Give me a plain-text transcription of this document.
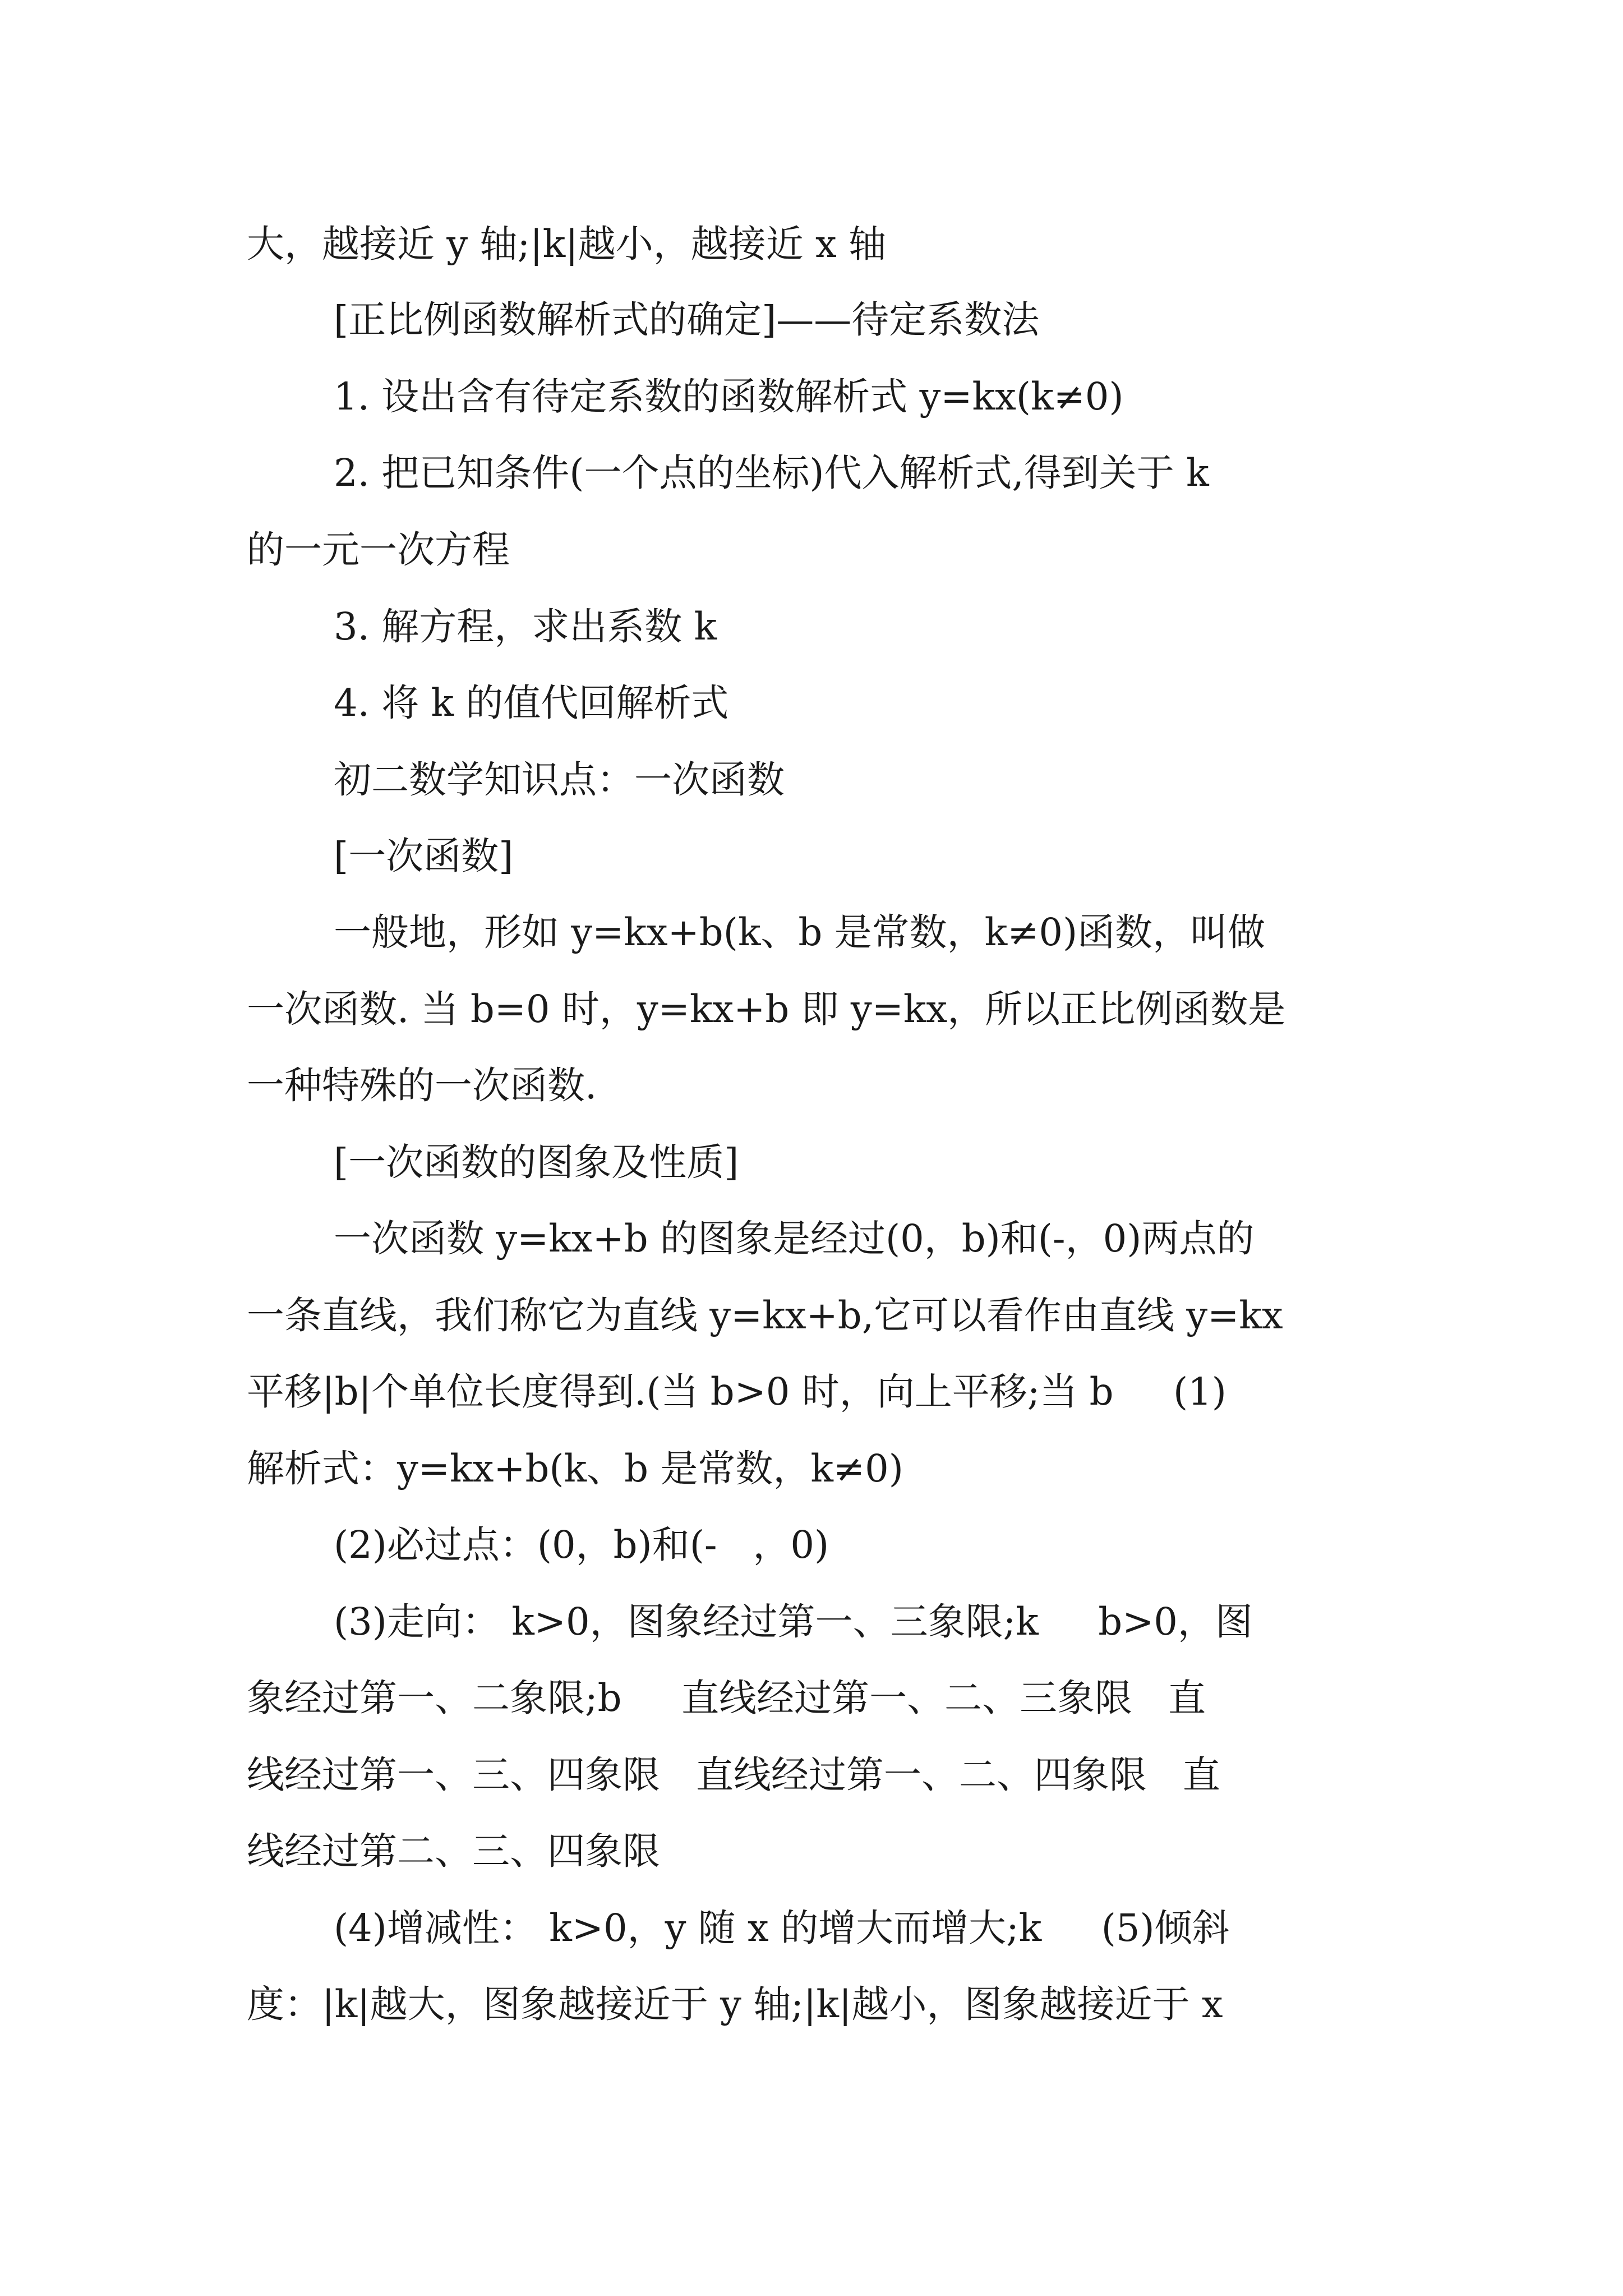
大，越接近 y 轴;|k|越小，越接近 x 轴
[正比例函数解析式的确定]——待定系数法
1. 设出含有待定系数的函数解析式 y=kx(k≠0)
2. 把已知条件(一个点的坐标)代入解析式,得到关于 k
的一元一次方程
3. 解方程，求出系数 k
4. 将 k 的值代回解析式
初二数学知识点：一次函数
[一次函数]
一般地，形如 y=kx+b(k、b 是常数，k≠0)函数，叫做
一次函数. 当 b=0 时，y=kx+b 即 y=kx，所以正比例函数是
一种特殊的一次函数.
[一次函数的图象及性质]
一次函数 y=kx+b 的图象是经过(0，b)和(-，0)两点的
一条直线，我们称它为直线 y=kx+b,它可以看作由直线 y=kx
平移|b|个单位长度得到.(当 b>0 时，向上平移;当 b     (1)
解析式：y=kx+b(k、b 是常数，k≠0)
(2)必过点：(0，b)和(-   ，0)
(3)走向： k>0，图象经过第一、三象限;k     b>0，图
象经过第一、二象限;b     直线经过第一、二、三象限   直
线经过第一、三、四象限   直线经过第一、二、四象限   直
线经过第二、三、四象限
(4)增减性： k>0，y 随 x 的增大而增大;k     (5)倾斜
度：|k|越大，图象越接近于 y 轴;|k|越小，图象越接近于 x
